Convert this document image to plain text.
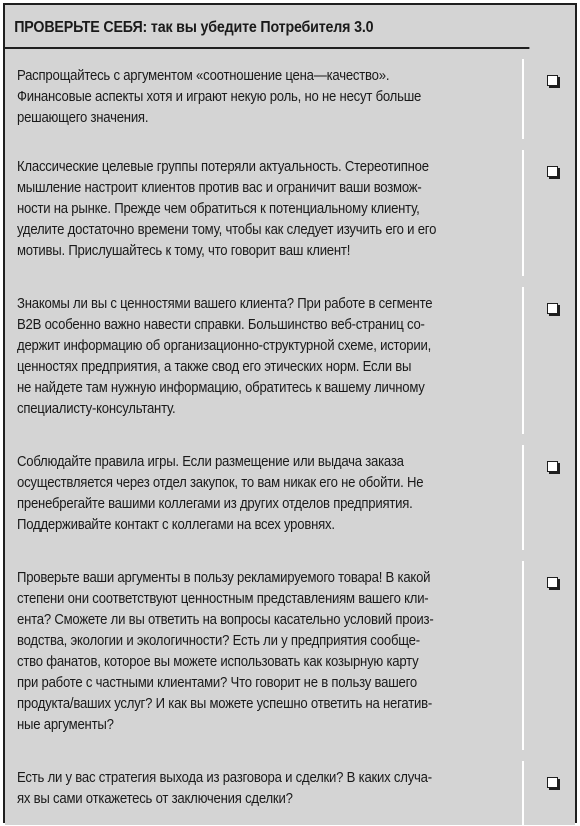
ПРОВЕРЬТЕ СЕБЯ: так вы убедите Потребителя 3.0
Распрощайтесь с аргументом «соотношение цена—качество».
Финансовые аспекты хотя и играют некую роль, но не несут больше
решающего значения.
Классические целевые группы потеряли актуальность. Стереотипное
мышление настроит клиентов против вас и ограничит ваши возмож-
ности на рынке. Прежде чем обратиться к потенциальному клиенту,
уделите достаточно времени тому, чтобы как следует изучить его и его
мотивы. Прислушайтесь к тому, что говорит ваш клиент!
Знакомы ли вы с ценностями вашего клиента? При работе в сегменте
B2B особенно важно навести справки. Большинство веб-страниц со-
держит информацию об организационно-структурной схеме, истории,
ценностях предприятия, а также свод его этических норм. Если вы
не найдете там нужную информацию, обратитесь к вашему личному
специалисту-консультанту.
Соблюдайте правила игры. Если размещение или выдача заказа
осуществляется через отдел закупок, то вам никак его не обойти. Не
пренебрегайте вашими коллегами из других отделов предприятия.
Поддерживайте контакт с коллегами на всех уровнях.
Проверьте ваши аргументы в пользу рекламируемого товара! В какой
степени они соответствуют ценностным представлениям вашего кли-
ента? Сможете ли вы ответить на вопросы касательно условий произ-
водства, экологии и экологичности? Есть ли у предприятия сообще-
ство фанатов, которое вы можете использовать как козырную карту
при работе с частными клиентами? Что говорит не в пользу вашего
продукта/ваших услуг? И как вы можете успешно ответить на негатив-
ные аргументы?
Есть ли у вас стратегия выхода из разговора и сделки? В каких случа-
ях вы сами откажетесь от заключения сделки?
